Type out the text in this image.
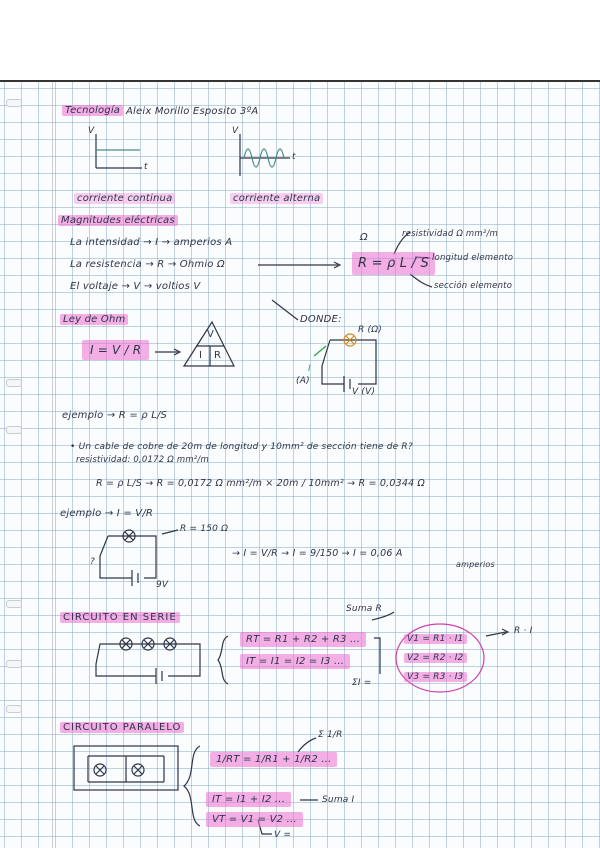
Tecnología Aleix Morillo Esposito 3ºA
V
t
V
t
corriente continua	corriente alterna
Magnitudes eléctricas
La intensidad → I → amperios A
La resistencia → R → Ohmio Ω
El voltaje → V → voltios V
Ω
R = ρ L / S
resistividad Ω mm²/m
longitud elemento
sección elemento
Ley de Ohm
I = V / R
V
I R
DONDE:
R (Ω)
I
(A)
V (V)
ejemplo → R = ρ L/S
• Un cable de cobre de 20m de longitud y 10mm² de sección tiene de R?
resistividad: 0,0172 Ω mm²/m
R = ρ L/S → R = 0,0172 Ω mm²/m × 20m / 10mm² → R = 0,0344 Ω
ejemplo → I = V/R
R = 150 Ω
?
9V
→ I = V/R → I = 9/150 → I = 0,06 A
amperios
CIRCUITO EN SERIE
Suma R
RT = R1 + R2 + R3 ...
IT = I1 = I2 = I3 ...
ΣI =
V1 = R1 · I1
V2 = R2 · I2
V3 = R3 · I3
R · I
CIRCUITO PARALELO
1/RT = 1/R1 + 1/R2 ...
Σ 1/R
IT = I1 + I2 ...	Suma I
VT = V1 = V2 ...
V =
